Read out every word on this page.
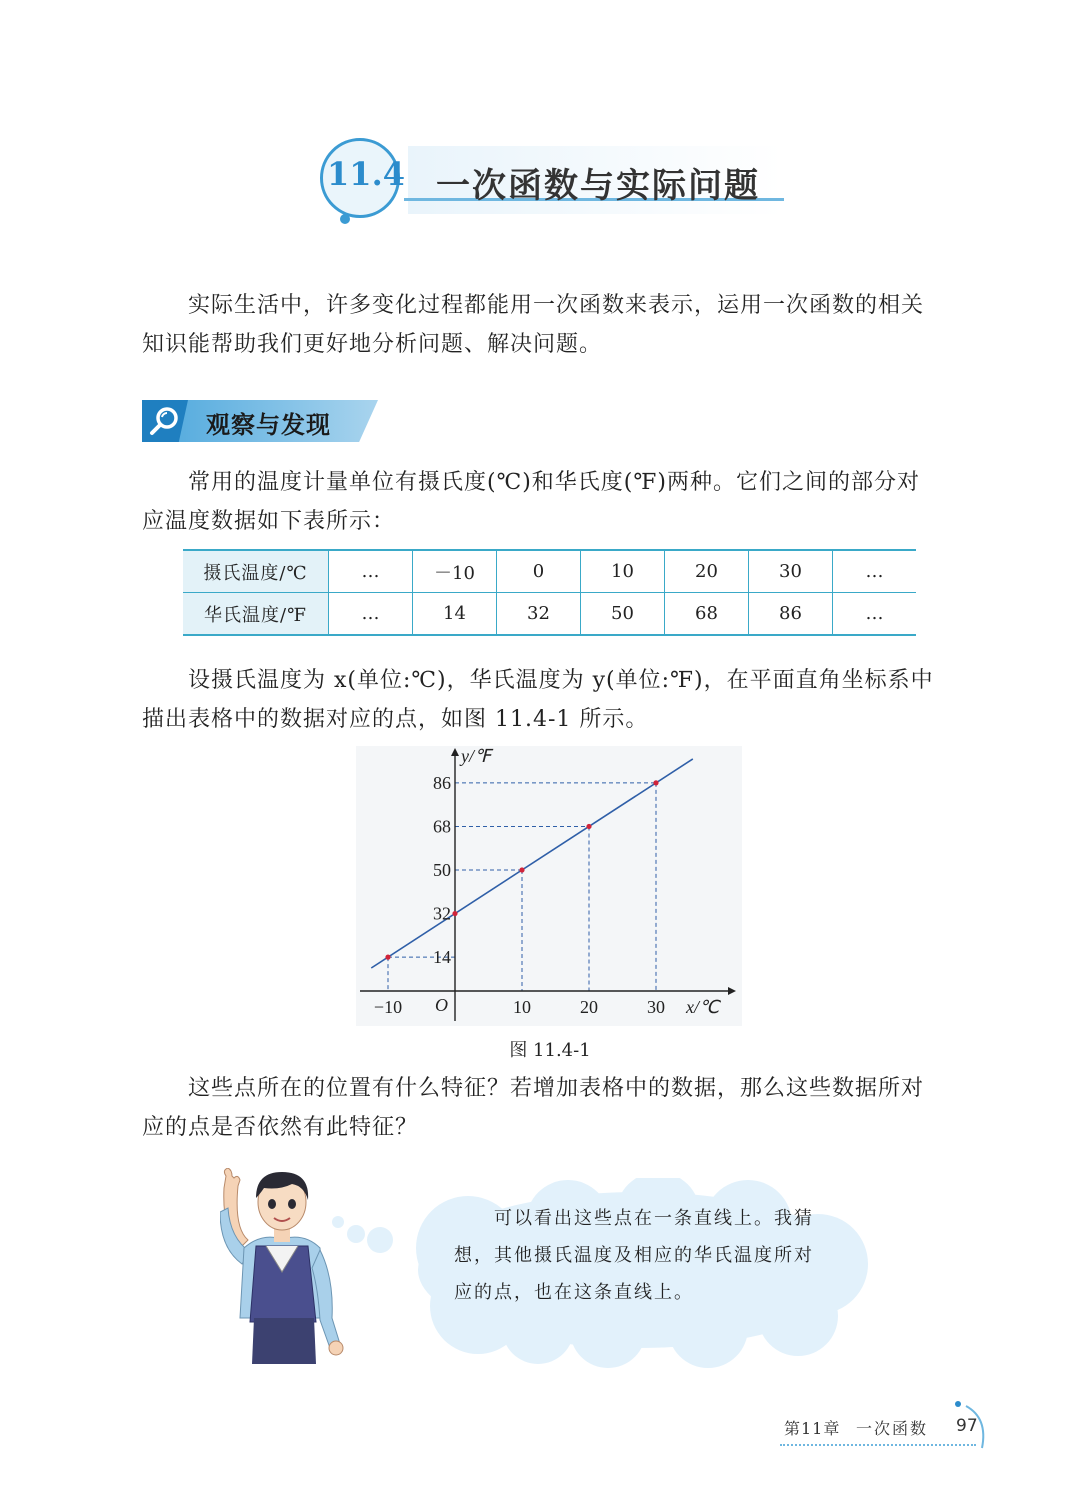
11.4 一次函数与实际问题
实际生活中，许多变化过程都能用一次函数来表示，运用一次函数的相关
知识能帮助我们更好地分析问题、解决问题。
观察与发现
常用的温度计量单位有摄氏度(℃)和华氏度(℉)两种。它们之间的部分对
应温度数据如下表所示：
摄氏温度/℃	…	－10	0	10	20	30	…
华氏温度/℉	…	14	32	50	68	86	…
设摄氏温度为 x(单位:℃)，华氏温度为 y(单位:℉)，在平面直角坐标系中
描出表格中的数据对应的点，如图 11.4-1 所示。
−10	10	20	30
14
32
50
68
86
y/℉
x/℃
O
图 11.4-1
这些点所在的位置有什么特征？若增加表格中的数据，那么这些数据所对
应的点是否依然有此特征？
可以看出这些点在一条直线上。我猜
想，其他摄氏温度及相应的华氏温度所对
应的点，也在这条直线上。
第11章 一次函数 97
